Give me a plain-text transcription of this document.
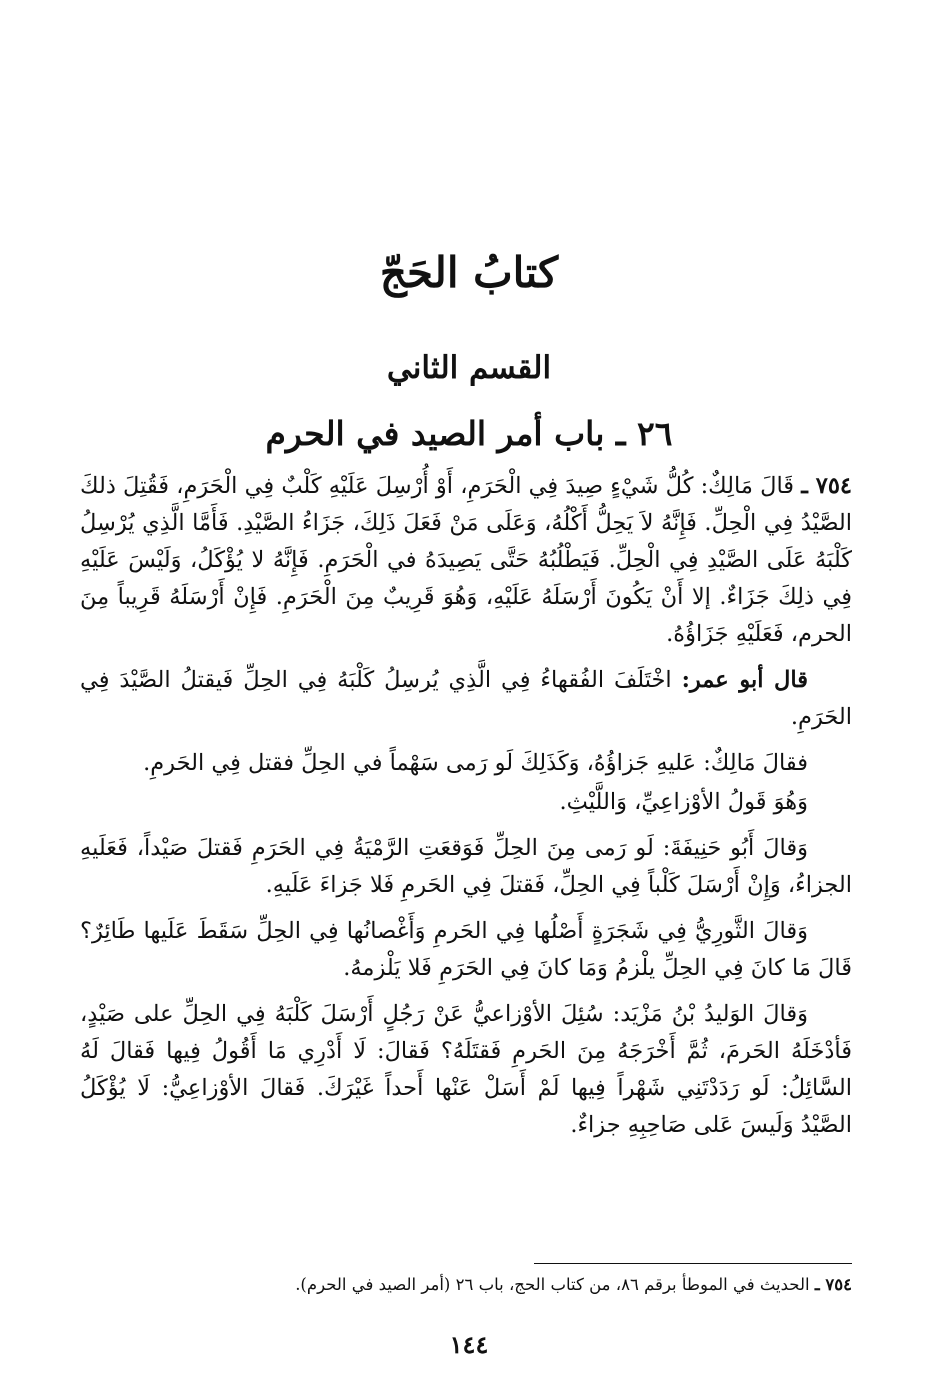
كتابُ الحَجّ
القسم الثاني
٢٦ ـ باب أمر الصيد في الحرم

٧٥٤ ـ قَالَ مَالِكٌ: كُلُّ شَيْءٍ صِيدَ فِي الْحَرَمِ، أَوْ أُرْسِلَ عَلَيْهِ كَلْبٌ فِي الْحَرَمِ، فَقُتِلَ ذلكَ الصَّيْدُ فِي الْحِلِّ. فَإِنَّهُ لاَ يَحِلُّ أَكْلُهُ، وَعَلَى مَنْ فَعَلَ ذَلِكَ، جَزَاءُ الصَّيْدِ. فَأَمَّا الَّذِي يُرْسِلُ كَلْبَهُ عَلَى الصَّيْدِ فِي الْحِلِّ. فَيَطْلُبُهُ حَتَّى يَصِيدَهُ في الْحَرَمِ. فَإِنَّهُ لا يُؤْكَلُ، وَلَيْسَ عَلَيْهِ فِي ذلِكَ جَزَاءٌ. إلا أَنْ يَكُونَ أَرْسَلَهُ عَلَيْهِ، وَهُوَ قَرِيبٌ مِنَ الْحَرَمِ. فَإِنْ أَرْسَلَهُ قَرِيباً مِنَ الحرم، فَعَلَيْهِ جَزَاؤُهُ.

قال أبو عمر: اخْتَلَفَ الفُقهاءُ فِي الَّذِي يُرسِلُ كَلْبَهُ فِي الحِلِّ فَيقتلُ الصَّيْدَ فِي الحَرَمِ.

فقالَ مَالِكٌ: عَليهِ جَزاؤُهُ، وَكَذَلِكَ لَو رَمى سَهْماً في الحِلِّ فقتل فِي الحَرمِ.

وَهُوَ قَولُ الأوْزاعِيِّ، وَاللَّيْثِ.

وَقالَ أَبُو حَنِيفَةَ: لَو رَمى مِنَ الحِلِّ فَوَقعَتِ الرَّمْيَةُ فِي الحَرَمِ فَقتلَ صَيْداً، فَعَلَيهِ الجزاءُ، وَإِنْ أَرْسَلَ كَلْباً فِي الحِلِّ، فَقتلَ فِي الحَرمِ فَلا جَزاءَ عَلَيهِ.

وَقالَ الثَّورِيُّ فِي شَجَرَةٍ أَصْلُها فِي الحَرمِ وَأَغْصانُها فِي الحِلِّ سَقَطَ عَلَيها طَائِرٌ؟ قَالَ مَا كانَ فِي الحِلِّ يلْزمُ وَمَا كانَ فِي الحَرَمِ فَلا يَلْزمهُ.

وَقالَ الوَليدُ بْنُ مَزْيَد: سُئِلَ الأوْزاعيُّ عَنْ رَجُلٍ أَرْسَلَ كَلْبَهُ فِي الحِلِّ على صَيْدٍ، فَأدْخَلَهُ الحَرمَ، ثُمَّ أَخْرَجَهُ مِنَ الحَرمِ فَقتَلَهُ؟ فَقالَ: لَا أَدْرِي مَا أَقُولُ فِيها فَقالَ لَهُ السَّائِلُ: لَو رَدَدْتَنِي شَهْراً فِيها لَمْ أَسَلْ عَنْها أَحداً غَيْرَكَ. فَقالَ الأوْزاعِيُّ: لَا يُؤْكَلُ الصَّيْدُ وَلَيسَ عَلى صَاحِبِهِ جزاءٌ.

٧٥٤ ـ الحديث في الموطأ برقم ٨٦، من كتاب الحج، باب ٢٦ (أمر الصيد في الحرم).
١٤٤
